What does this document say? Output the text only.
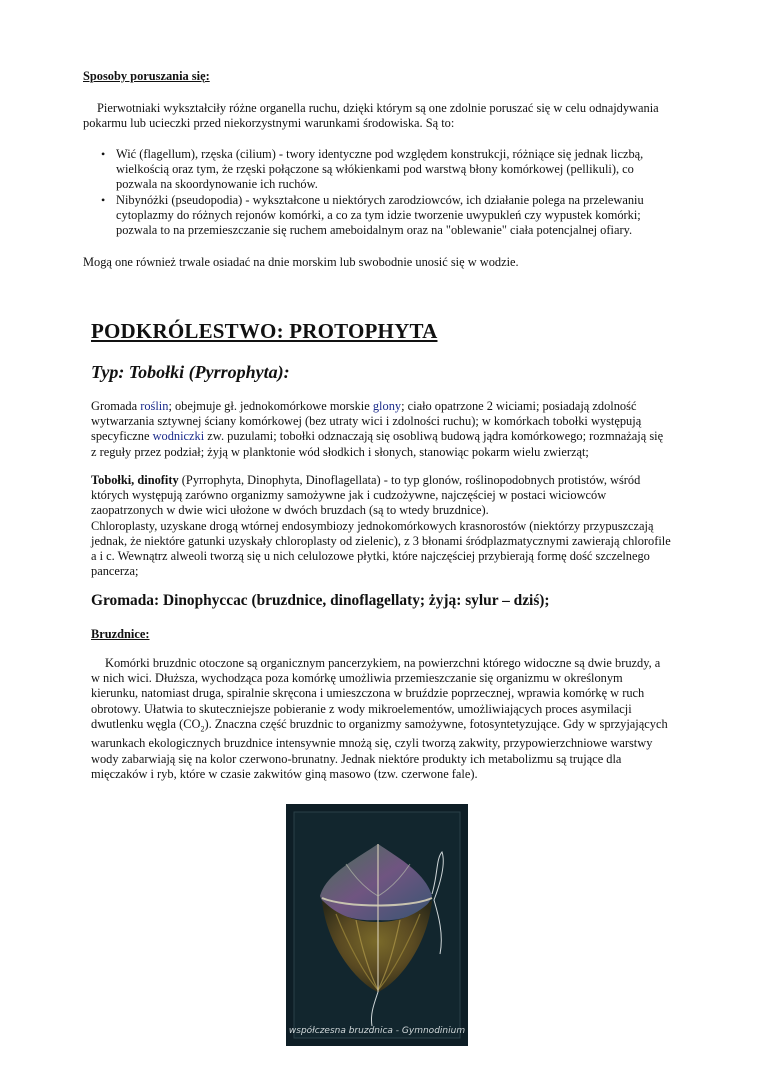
Sposoby poruszania się:
Pierwotniaki wykształciły różne organella ruchu, dzięki którym są one zdolnie poruszać się w celu odnajdywania pokarmu lub ucieczki przed niekorzystnymi warunkami środowiska. Są to:
• Wić (flagellum), rzęska (cilium) - twory identyczne pod względem konstrukcji, różniące się jednak liczbą, wielkością oraz tym, że rzęski połączone są włókienkami pod warstwą błony komórkowej (pellikuli), co pozwala na skoordynowanie ich ruchów.
• Nibynóżki (pseudopodia) - wykształcone u niektórych zarodziowców, ich działanie polega na przelewaniu cytoplazmy do różnych rejonów komórki, a co za tym idzie tworzenie uwypukleń czy wypustek komórki; pozwala to na przemieszczanie się ruchem ameboidalnym oraz na "oblewanie" ciała potencjalnej ofiary.
Mogą one również trwale osiadać na dnie morskim lub swobodnie unosić się w wodzie.
PODKRÓLESTWO: PROTOPHYTA
Typ: Tobołki (Pyrrophyta):
Gromada roślin; obejmuje gł. jednokomórkowe morskie glony; ciało opatrzone 2 wiciami; posiadają zdolność wytwarzania sztywnej ściany komórkowej (bez utraty wici i zdolności ruchu); w komórkach tobołki występują specyficzne wodniczki zw. puzulami; tobołki odznaczają się osobliwą budową jądra komórkowego; rozmnażają się z reguły przez podział; żyją w planktonie wód słodkich i słonych, stanowiąc pokarm wielu zwierząt;
Tobołki, dinofity (Pyrrophyta, Dinophyta, Dinoflagellata) - to typ glonów, roślinopodobnych protistów, wśród których występują zarówno organizmy samożywne jak i cudzożywne, najczęściej w postaci wiciowców zaopatrzonych w dwie wici ułożone w dwóch bruzdach (są to wtedy bruzdnice).
Chloroplasty, uzyskane drogą wtórnej endosymbiozy jednokomórkowych krasnorostów (niektórzy przypuszczają jednak, że niektóre gatunki uzyskały chloroplasty od zielenic), z 3 błonami śródplazmatycznymi zawierają chlorofile a i c. Wewnątrz alweoli tworzą się u nich celulozowe płytki, które najczęściej przybierają formę dość szczelnego pancerza;
Gromada: Dinophyccac (bruzdnice, dinoflagellaty; żyją: sylur – dziś);
Bruzdnice:
Komórki bruzdnic otoczone są organicznym pancerzykiem, na powierzchni którego widoczne są dwie bruzdy, a w nich wici. Dłuższa, wychodząca poza komórkę umożliwia przemieszczanie się organizmu w określonym kierunku, natomiast druga, spiralnie skręcona i umieszczona w bruździe poprzecznej, wprawia komórkę w ruch obrotowy. Ułatwia to skuteczniejsze pobieranie z wody mikroelementów, umożliwiających proces asymilacji dwutlenku węgla $(CO_2)$. Znaczna część bruzdnic to organizmy samożywne, fotosyntetyzujące. Gdy w sprzyjających warunkach ekologicznych bruzdnice intensywnie mnożą się, czyli tworzą zakwity, przypowierzchniowe warstwy wody zabarwiają się na kolor czerwono-brunatny. Jednak niektóre produkty ich metabolizmu są trujące dla mięczaków i ryb, które w czasie zakwitów giną masowo (tzw. czerwone fale).
współczesna bruzdnica - Gymnodinium
